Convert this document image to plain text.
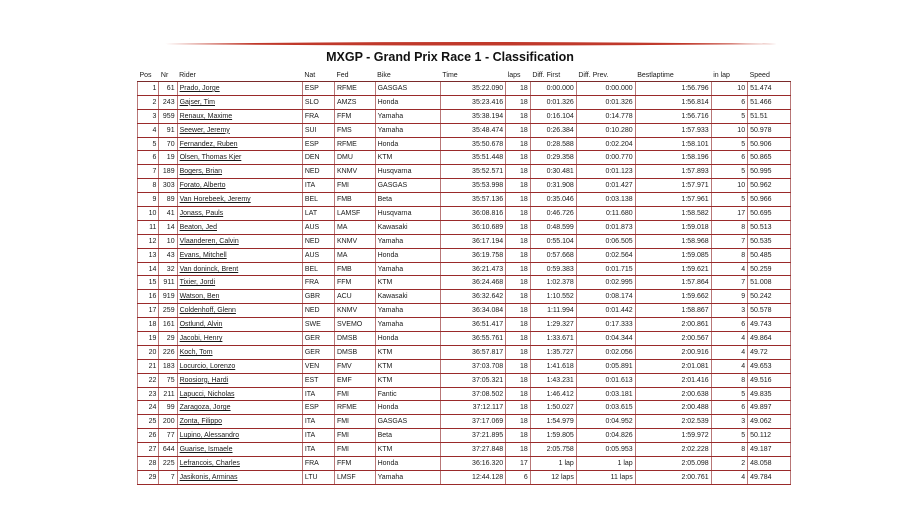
MXGP - Grand Prix Race 1 - Classification
Pos	Nr	Rider	Nat	Fed	Bike	Time	laps	Diff. First	Diff. Prev.	Bestlaptime	in lap	Speed
1	61	Prado, Jorge	ESP	RFME	GASGAS	35:22.090	18	0:00.000	0:00.000	1:56.796	10	51.474
2	243	Gajser, Tim	SLO	AMZS	Honda	35:23.416	18	0:01.326	0:01.326	1:56.814	6	51.466
3	959	Renaux, Maxime	FRA	FFM	Yamaha	35:38.194	18	0:16.104	0:14.778	1:56.716	5	51.51
4	91	Seewer, Jeremy	SUI	FMS	Yamaha	35:48.474	18	0:26.384	0:10.280	1:57.933	10	50.978
5	70	Fernandez, Ruben	ESP	RFME	Honda	35:50.678	18	0:28.588	0:02.204	1:58.101	5	50.906
6	19	Olsen, Thomas Kjer	DEN	DMU	KTM	35:51.448	18	0:29.358	0:00.770	1:58.196	6	50.865
7	189	Bogers, Brian	NED	KNMV	Husqvarna	35:52.571	18	0:30.481	0:01.123	1:57.893	5	50.995
8	303	Forato, Alberto	ITA	FMI	GASGAS	35:53.998	18	0:31.908	0:01.427	1:57.971	10	50.962
9	89	Van Horebeek, Jeremy	BEL	FMB	Beta	35:57.136	18	0:35.046	0:03.138	1:57.961	5	50.966
10	41	Jonass, Pauls	LAT	LAMSF	Husqvarna	36:08.816	18	0:46.726	0:11.680	1:58.582	17	50.695
11	14	Beaton, Jed	AUS	MA	Kawasaki	36:10.689	18	0:48.599	0:01.873	1:59.018	8	50.513
12	10	Vlaanderen, Calvin	NED	KNMV	Yamaha	36:17.194	18	0:55.104	0:06.505	1:58.968	7	50.535
13	43	Evans, Mitchell	AUS	MA	Honda	36:19.758	18	0:57.668	0:02.564	1:59.085	8	50.485
14	32	Van doninck, Brent	BEL	FMB	Yamaha	36:21.473	18	0:59.383	0:01.715	1:59.621	4	50.259
15	911	Tixier, Jordi	FRA	FFM	KTM	36:24.468	18	1:02.378	0:02.995	1:57.864	7	51.008
16	919	Watson, Ben	GBR	ACU	Kawasaki	36:32.642	18	1:10.552	0:08.174	1:59.662	9	50.242
17	259	Coldenhoff, Glenn	NED	KNMV	Yamaha	36:34.084	18	1:11.994	0:01.442	1:58.867	3	50.578
18	161	Ostlund, Alvin	SWE	SVEMO	Yamaha	36:51.417	18	1:29.327	0:17.333	2:00.861	6	49.743
19	29	Jacobi, Henry	GER	DMSB	Honda	36:55.761	18	1:33.671	0:04.344	2:00.567	4	49.864
20	226	Koch, Tom	GER	DMSB	KTM	36:57.817	18	1:35.727	0:02.056	2:00.916	4	49.72
21	183	Locurcio, Lorenzo	VEN	FMV	KTM	37:03.708	18	1:41.618	0:05.891	2:01.081	4	49.653
22	75	Roosiorg, Hardi	EST	EMF	KTM	37:05.321	18	1:43.231	0:01.613	2:01.416	8	49.516
23	211	Lapucci, Nicholas	ITA	FMI	Fantic	37:08.502	18	1:46.412	0:03.181	2:00.638	5	49.835
24	99	Zaragoza, Jorge	ESP	RFME	Honda	37:12.117	18	1:50.027	0:03.615	2:00.488	6	49.897
25	200	Zonta, Filippo	ITA	FMI	GASGAS	37:17.069	18	1:54.979	0:04.952	2:02.539	3	49.062
26	77	Lupino, Alessandro	ITA	FMI	Beta	37:21.895	18	1:59.805	0:04.826	1:59.972	5	50.112
27	644	Guarise, Ismaele	ITA	FMI	KTM	37:27.848	18	2:05.758	0:05.953	2:02.228	8	49.187
28	225	Lefrancois, Charles	FRA	FFM	Honda	36:16.320	17	1 lap	1 lap	2:05.098	2	48.058
29	7	Jasikonis, Arminas	LTU	LMSF	Yamaha	12:44.128	6	12 laps	11 laps	2:00.761	4	49.784
